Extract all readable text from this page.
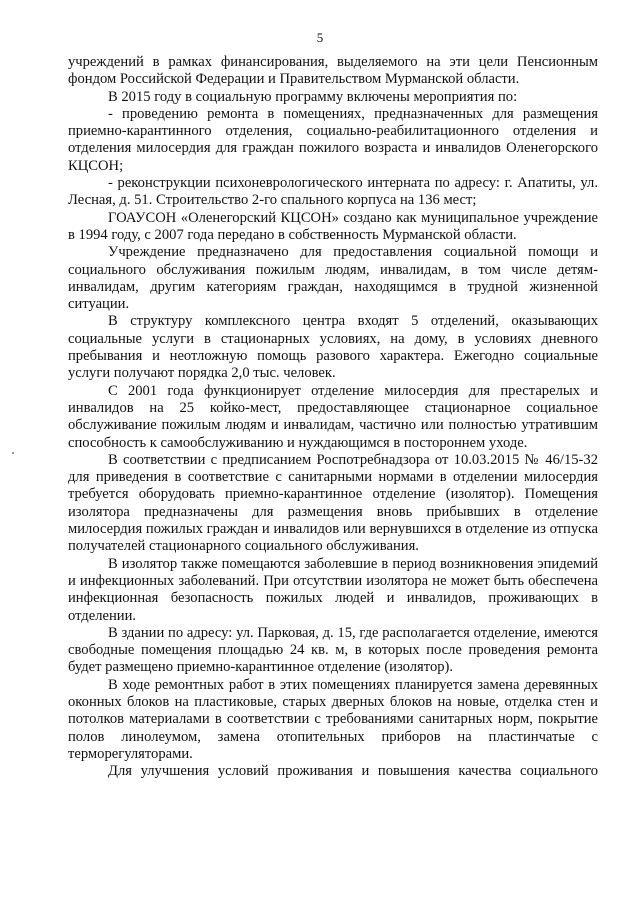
5

учреждений в рамках финансирования, выделяемого на эти цели Пенсионным фондом Российской Федерации и Правительством Мурманской области.

В 2015 году в социальную программу включены мероприятия по:

- проведению ремонта в помещениях, предназначенных для размещения приемно-карантинного отделения, социально-реабилитационного отделения и отделения милосердия для граждан пожилого возраста и инвалидов Оленегорского КЦСОН;

- реконструкции психоневрологического интерната по адресу: г. Апатиты, ул. Лесная, д. 51. Строительство 2-го спального корпуса на 136 мест;

ГОАУСОН «Оленегорский КЦСОН» создано как муниципальное учреждение в 1994 году, с 2007 года передано в собственность Мурманской области.

Учреждение предназначено для предоставления социальной помощи и социального обслуживания пожилым людям, инвалидам, в том числе детям-инвалидам, другим категориям граждан, находящимся в трудной жизненной ситуации.

В структуру комплексного центра входят 5 отделений, оказывающих социальные услуги в стационарных условиях, на дому, в условиях дневного пребывания и неотложную помощь разового характера. Ежегодно социальные услуги получают порядка 2,0 тыс. человек.

С 2001 года функционирует отделение милосердия для престарелых и инвалидов на 25 койко-мест, предоставляющее стационарное социальное обслуживание пожилым людям и инвалидам, частично или полностью утратившим способность к самообслуживанию и нуждающимся в постороннем уходе.

В соответствии с предписанием Роспотребнадзора от 10.03.2015 № 46/15-32 для приведения в соответствие с санитарными нормами в отделении милосердия требуется оборудовать приемно-карантинное отделение (изолятор). Помещения изолятора предназначены для размещения вновь прибывших в отделение милосердия пожилых граждан и инвалидов или вернувшихся в отделение из отпуска получателей стационарного социального обслуживания.

В изолятор также помещаются заболевшие в период возникновения эпидемий и инфекционных заболеваний. При отсутствии изолятора не может быть обеспечена инфекционная безопасность пожилых людей и инвалидов, проживающих в отделении.

В здании по адресу: ул. Парковая, д. 15, где располагается отделение, имеются свободные помещения площадью 24 кв. м, в которых после проведения ремонта будет размещено приемно-карантинное отделение (изолятор).

В ходе ремонтных работ в этих помещениях планируется замена деревянных оконных блоков на пластиковые, старых дверных блоков на новые, отделка стен и потолков материалами в соответствии с требованиями санитарных норм, покрытие полов линолеумом, замена отопительных приборов на пластинчатые с терморегуляторами.

Для улучшения условий проживания и повышения качества социального
